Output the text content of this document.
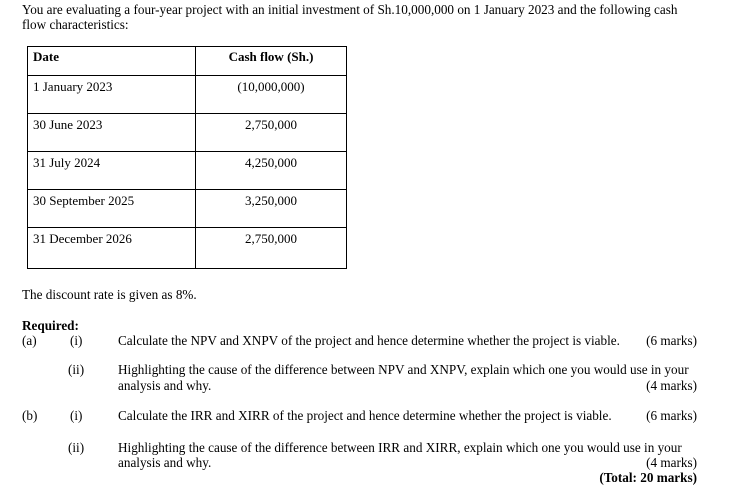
You are evaluating a four-year project with an initial investment of Sh.10,000,000 on 1 January 2023 and the following cash
flow characteristics:
Date	Cash flow (Sh.)

1 January 2023	(10,000,000)

30 June 2023	2,750,000

31 July 2024	4,250,000

30 September 2025	3,250,000

31 December 2026	2,750,000
The discount rate is given as 8%.
Required:
(a)	(i)	Calculate the NPV and XNPV of the project and hence determine whether the project is viable. (6 marks)
(ii)	Highlighting the cause of the difference between NPV and XNPV, explain which one you would use in your
analysis and why.	(4 marks)
(b) (i)	Calculate the IRR and XIRR of the project and hence determine whether the project is viable.	(6 marks)
(ii)	Highlighting the cause of the difference between IRR and XIRR, explain which one you would use in your
analysis and why.	(4 marks)
(Total: 20 marks)
